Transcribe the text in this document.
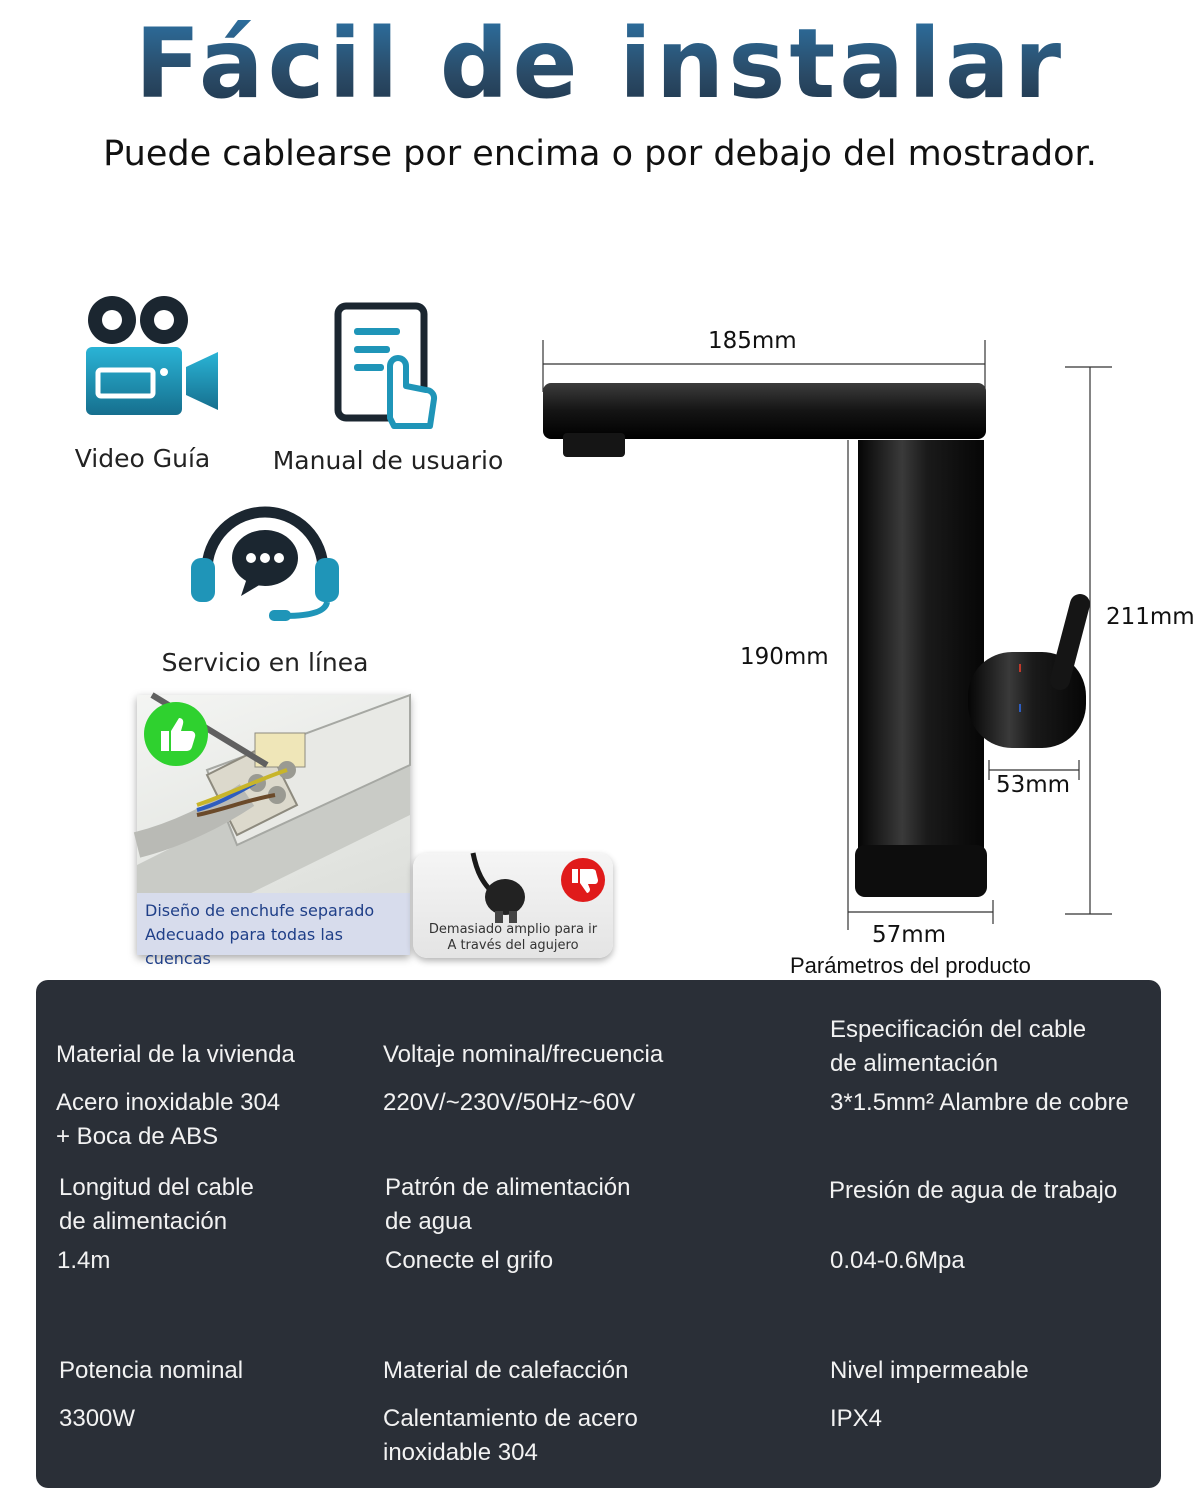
Fácil de instalar
Puede cablearse por encima o por debajo del mostrador.
Video Guía	Manual de usuario
Servicio en línea
Diseño de enchufe separado
Adecuado para todas las cuencas
Demasiado amplio para ir
A través del agujero
185mm
211mm
190mm
53mm
57mm
Parámetros del producto
Material de la vivienda
Acero inoxidable 304
+ Boca de ABS
Voltaje nominal/frecuencia
220V/~230V/50Hz~60V
Especificación del cable
de alimentación
3*1.5mm² Alambre de cobre
Longitud del cable
de alimentación
1.4m
Patrón de alimentación
de agua
Conecte el grifo
Presión de agua de trabajo
0.04-0.6Mpa
Potencia nominal
3300W
Material de calefacción
Calentamiento de acero
inoxidable 304
Nivel impermeable
IPX4
